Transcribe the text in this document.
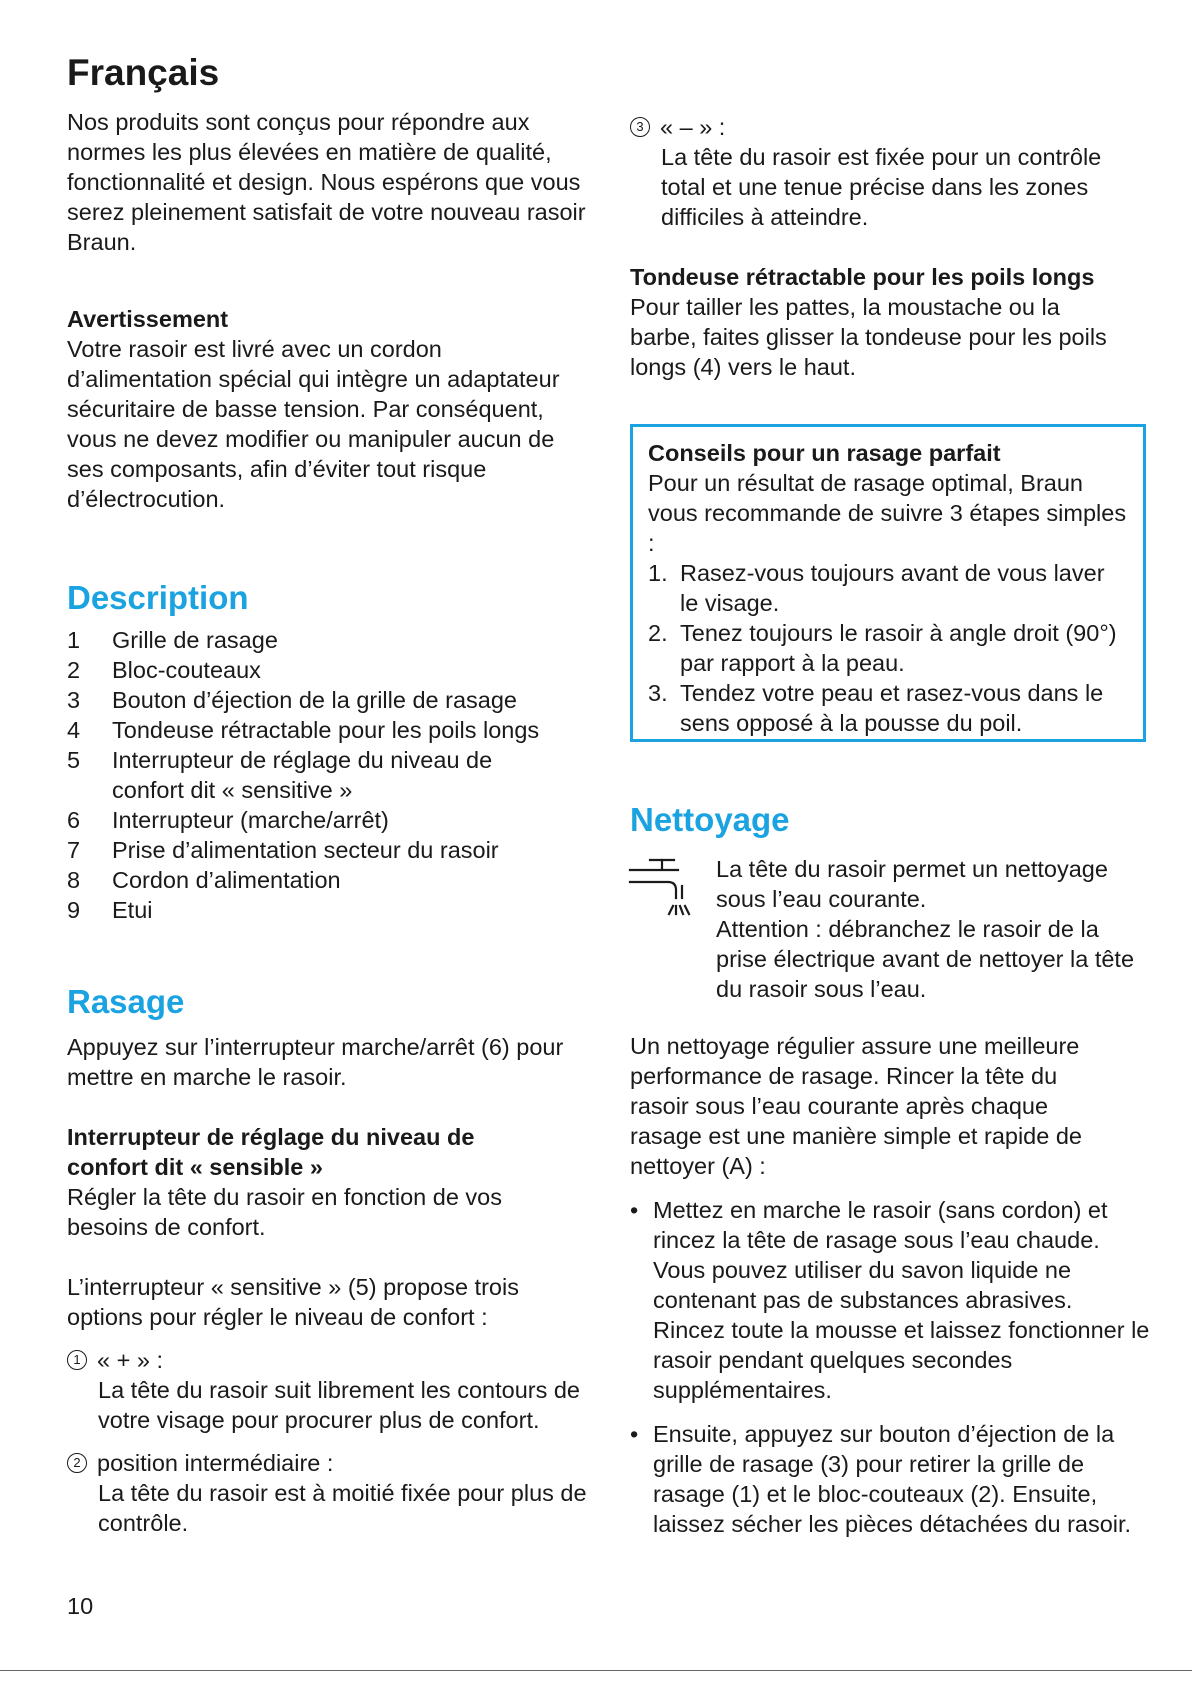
Français

Nos produits sont conçus pour répondre aux normes les plus élevées en matière de qualité, fonctionnalité et design. Nous espérons que vous serez pleinement satisfait de votre nouveau rasoir Braun.

Avertissement

Votre rasoir est livré avec un cordon d’alimentation spécial qui intègre un adaptateur sécuritaire de basse tension. Par conséquent, vous ne devez modifier ou manipuler aucun de ses composants, afin d’éviter tout risque d’électrocution.

Description
1	Grille de rasage
2	Bloc-couteaux
3	Bouton d’éjection de la grille de rasage
4	Tondeuse rétractable pour les poils longs
5	Interrupteur de réglage du niveau de confort dit « sensitive »
6	Interrupteur (marche/arrêt)
7	Prise d’alimentation secteur du rasoir
8	Cordon d’alimentation
9	Etui
Rasage

Appuyez sur l’interrupteur marche/arrêt (6) pour mettre en marche le rasoir.

Interrupteur de réglage du niveau de confort dit « sensible »

Régler la tête du rasoir en fonction de vos besoins de confort.

L’interrupteur « sensitive » (5) propose trois options pour régler le niveau de confort :

1 « + » :

La tête du rasoir suit librement les contours de votre visage pour procurer plus de confort.

2 position intermédiaire :

La tête du rasoir est à moitié fixée pour plus de contrôle.

3 « – » :

La tête du rasoir est fixée pour un contrôle total et une tenue précise dans les zones difficiles à atteindre.

Tondeuse rétractable pour les poils longs

Pour tailler les pattes, la moustache ou la barbe, faites glisser la tondeuse pour les poils longs (4) vers le haut.

Conseils pour un rasage parfait

Pour un résultat de rasage optimal, Braun vous recommande de suivre 3 étapes simples :

1. Rasez-vous toujours avant de vous laver le visage.
2. Tenez toujours le rasoir à angle droit (90°) par rapport à la peau.
3. Tendez votre peau et rasez-vous dans le sens opposé à la pousse du poil.
Nettoyage

La tête du rasoir permet un nettoyage sous l’eau courante.

Attention : débranchez le rasoir de la prise électrique avant de nettoyer la tête du rasoir sous l’eau.

Un nettoyage régulier assure une meilleure performance de rasage. Rincer la tête du rasoir sous l’eau courante après chaque rasage est une manière simple et rapide de nettoyer (A) :

• Mettez en marche le rasoir (sans cordon) et rincez la tête de rasage sous l’eau chaude. Vous pouvez utiliser du savon liquide ne contenant pas de substances abrasives. Rincez toute la mousse et laissez fonctionner le rasoir pendant quelques secondes supplémentaires.
• Ensuite, appuyez sur bouton d’éjection de la grille de rasage (3) pour retirer la grille de rasage (1) et le bloc-couteaux (2). Ensuite, laissez sécher les pièces détachées du rasoir.
10
